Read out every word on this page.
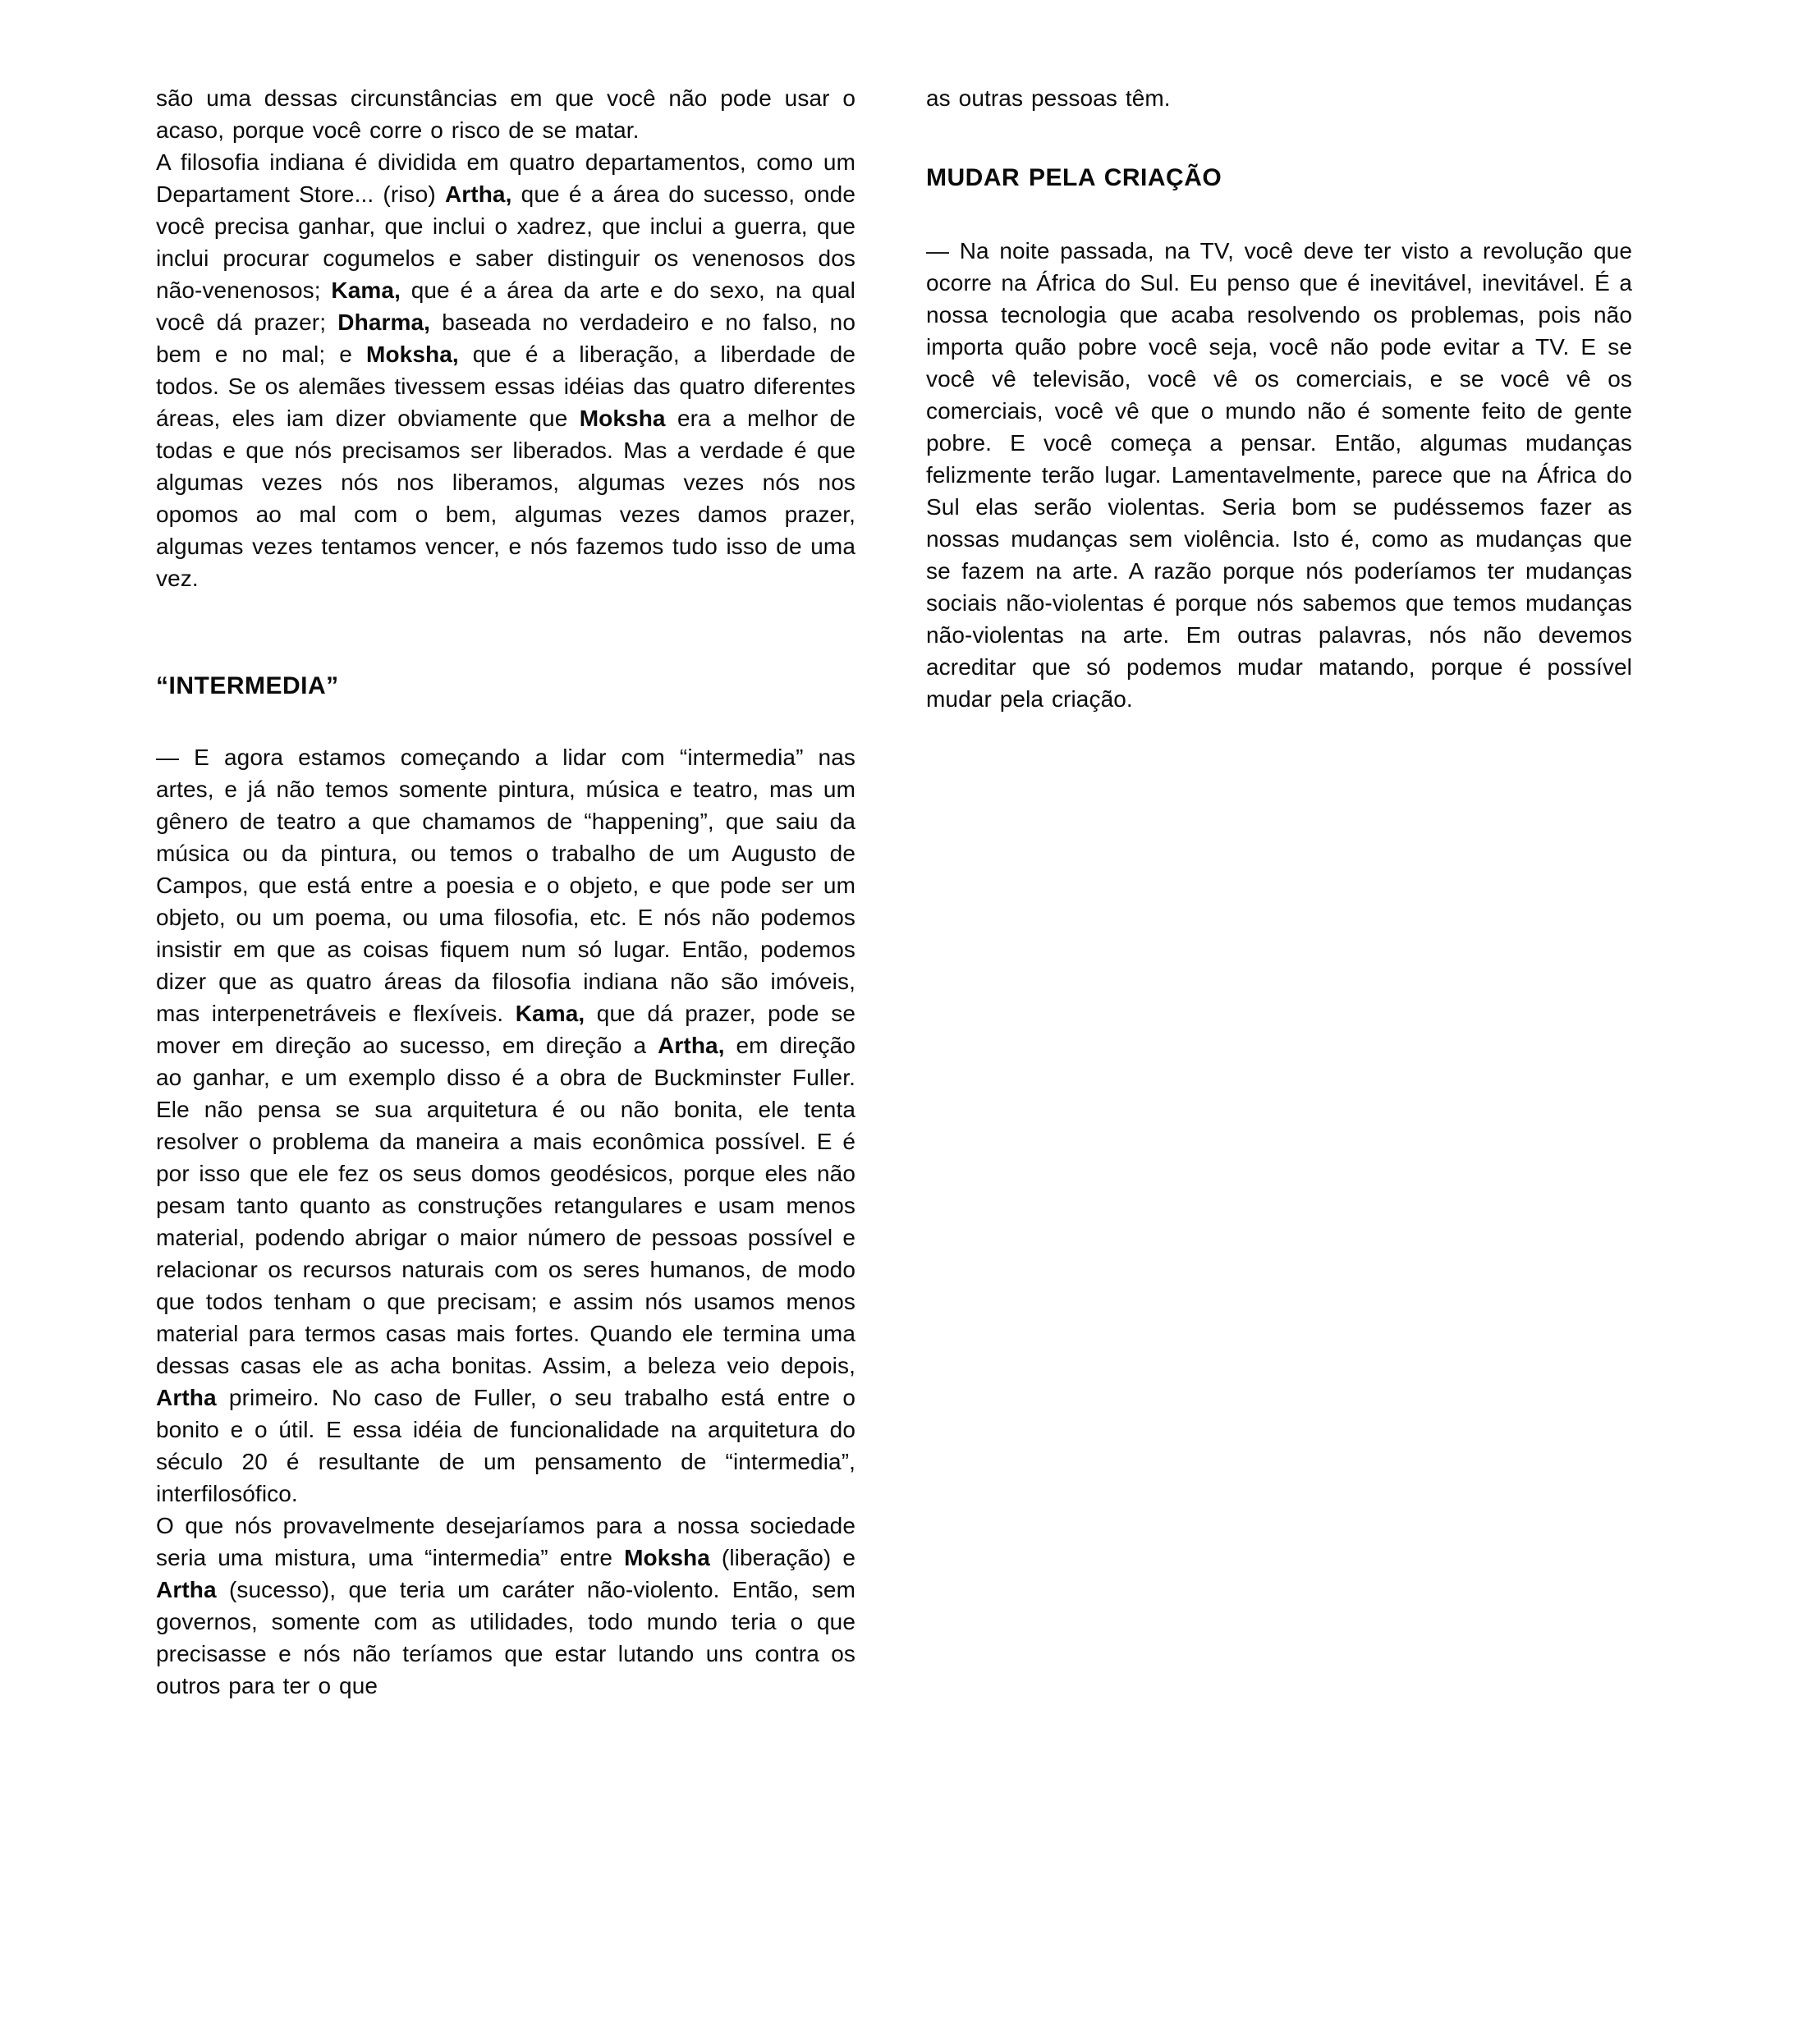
são uma dessas circunstâncias em que você não pode usar o acaso, porque você corre o risco de se matar.

A filosofia indiana é dividida em quatro departamentos, como um Departament Store... (riso) Artha, que é a área do sucesso, onde você precisa ganhar, que inclui o xadrez, que inclui a guerra, que inclui procurar cogumelos e saber distinguir os venenosos dos não-venenosos; Kama, que é a área da arte e do sexo, na qual você dá prazer; Dharma, baseada no verdadeiro e no falso, no bem e no mal; e Moksha, que é a liberação, a liberdade de todos. Se os alemães tivessem essas idéias das quatro diferentes áreas, eles iam dizer obviamente que Moksha era a melhor de todas e que nós precisamos ser liberados. Mas a verdade é que algumas vezes nós nos liberamos, algumas vezes nós nos opomos ao mal com o bem, algumas vezes damos prazer, algumas vezes tentamos vencer, e nós fazemos tudo isso de uma vez.

“INTERMEDIA”

— E agora estamos começando a lidar com “intermedia” nas artes, e já não temos somente pintura, música e teatro, mas um gênero de teatro a que chamamos de “happening”, que saiu da música ou da pintura, ou temos o trabalho de um Augusto de Campos, que está entre a poesia e o objeto, e que pode ser um objeto, ou um poema, ou uma filosofia, etc. E nós não podemos insistir em que as coisas fiquem num só lugar. Então, podemos dizer que as quatro áreas da filosofia indiana não são imóveis, mas interpenetráveis e flexíveis. Kama, que dá prazer, pode se mover em direção ao sucesso, em direção a Artha, em direção ao ganhar, e um exemplo disso é a obra de Buckminster Fuller. Ele não pensa se sua arquitetura é ou não bonita, ele tenta resolver o problema da maneira a mais econômica possível. E é por isso que ele fez os seus domos geodésicos, porque eles não pesam tanto quanto as construções retangulares e usam menos material, podendo abrigar o maior número de pessoas possível e relacionar os recursos naturais com os seres humanos, de modo que todos tenham o que precisam; e assim nós usamos menos material para termos casas mais fortes. Quando ele termina uma dessas casas ele as acha bonitas. Assim, a beleza veio depois, Artha primeiro. No caso de Fuller, o seu trabalho está entre o bonito e o útil. E essa idéia de funcionalidade na arquitetura do século 20 é resultante de um pensamento de “intermedia”, interfilosófico.

O que nós provavelmente desejaríamos para a nossa sociedade seria uma mistura, uma “intermedia” entre Moksha (liberação) e Artha (sucesso), que teria um caráter não-violento. Então, sem governos, somente com as utilidades, todo mundo teria o que precisasse e nós não teríamos que estar lutando uns contra os outros para ter o que

as outras pessoas têm.

MUDAR PELA CRIAÇÃO

— Na noite passada, na TV, você deve ter visto a revolução que ocorre na África do Sul. Eu penso que é inevitável, inevitável. É a nossa tecnologia que acaba resolvendo os problemas, pois não importa quão pobre você seja, você não pode evitar a TV. E se você vê televisão, você vê os comerciais, e se você vê os comerciais, você vê que o mundo não é somente feito de gente pobre. E você começa a pensar. Então, algumas mudanças felizmente terão lugar. Lamentavelmente, parece que na África do Sul elas serão violentas. Seria bom se pudéssemos fazer as nossas mudanças sem violência. Isto é, como as mudanças que se fazem na arte. A razão porque nós poderíamos ter mudanças sociais não-violentas é porque nós sabemos que temos mudanças não-violentas na arte. Em outras palavras, nós não devemos acreditar que só podemos mudar matando, porque é possível mudar pela criação.
